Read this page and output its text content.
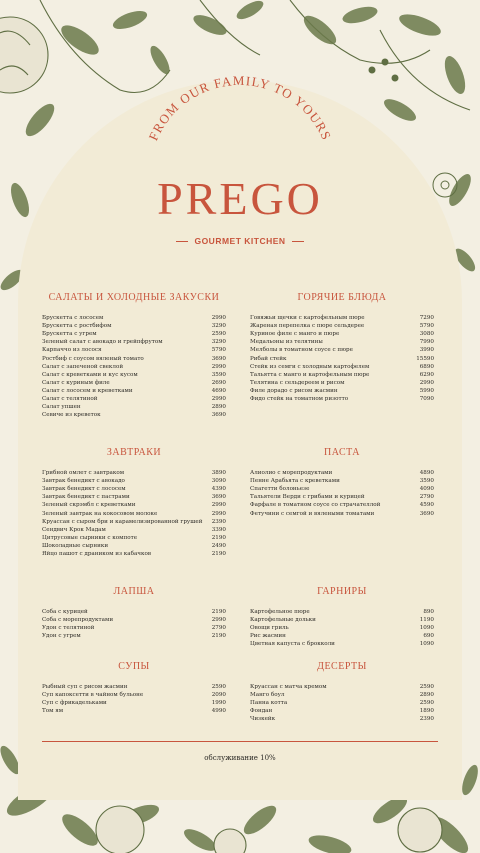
FROM OUR FAMILY TO YOURS
PREGO
GOURMET KITCHEN
САЛАТЫ И ХОЛОДНЫЕ ЗАКУСКИ
Брускетта с лососем	2990
Брускетта с ростбифом	3290
Брускетта с угрем	2590
Зеленый салат с авокадо и грейпфрутом	3290
Карпаччо из лосося	5790
Ростбиф с соусом вяленый томато	3690
Салат с запеченой свеклой	2990
Салат с креветками и кус кусом	3590
Салат с куриным филе	2690
Салат с лососем и креветками	4690
Салат с телятиной	2990
Салат упшен	2890
Севиче из креветок	3690
ГОРЯЧИЕ БЛЮДА
Говяжьи щечки с картофельным пюре	7290
Жареная перепелка с пюре сельдерее	5790
Куриное филе с манго и пюре	3080
Медальоны из телятины	7990
Мелболы в томатном соусе с пюре	3990
Рибай стейк	15590
Стейк из семги с холодным картофелем	6890
Тальятта с манго и картофельным пюре	6290
Телятина с сельдереем и рисом	2990
Филе дорадо с рисом жасмин	5990
Фидо стейк на томатном ризотто	7090
ЗАВТРАКИ
Грибной омлет с завтраком	3890
Завтрак бенедикт с авокадо	3090
Завтрак бенедикт с лососем	4390
Завтрак бенедикт с пастрами	3690
Зеленый скрэмбл с креветками	2990
Зеленый завтрак на кокосовом молоке	2990
Круассан с сыром бри и карамелизированной грушей 2390
Сендвич Крок Мадам	3390
Цитрусовые сырники с компоте	2190
Шоколадные сырники	2490
Яйцо пашот с драником из кабачков	2190
ПАСТА
Алиолио с морепродуктами	4890
Пенне Арабьята с креветками	3590
Спагетти болоньезе	4090
Тальятели Верди с грибами и курицей	2790
Фарфале в томатном соусе со страчателлой	4590
Фетучини с семгой и вялеными томатами	3690
ЛАПША
Соба с курицей	2190
Соба с морепродуктами	2990
Удон с телятиной	2790
Удон с угрем	2190
ГАРНИРЫ
Картофельное пюре	890
Картофельные дольки	1190
Овощи гриль	1090
Рис жасмин	690
Цветная капуста с брокколи	1090
СУПЫ
Рыбный суп с рисом жасмин	2590
Суп капоксетти в чайном бульоне	2090
Суп с фрикадельками	1990
Том ям	4990
ДЕСЕРТЫ
Круассан с матча кремом	2590
Манго боул	2890
Панна котта	2590
Фондан	1890
Чизкейк	2390
обслуживание 10%
